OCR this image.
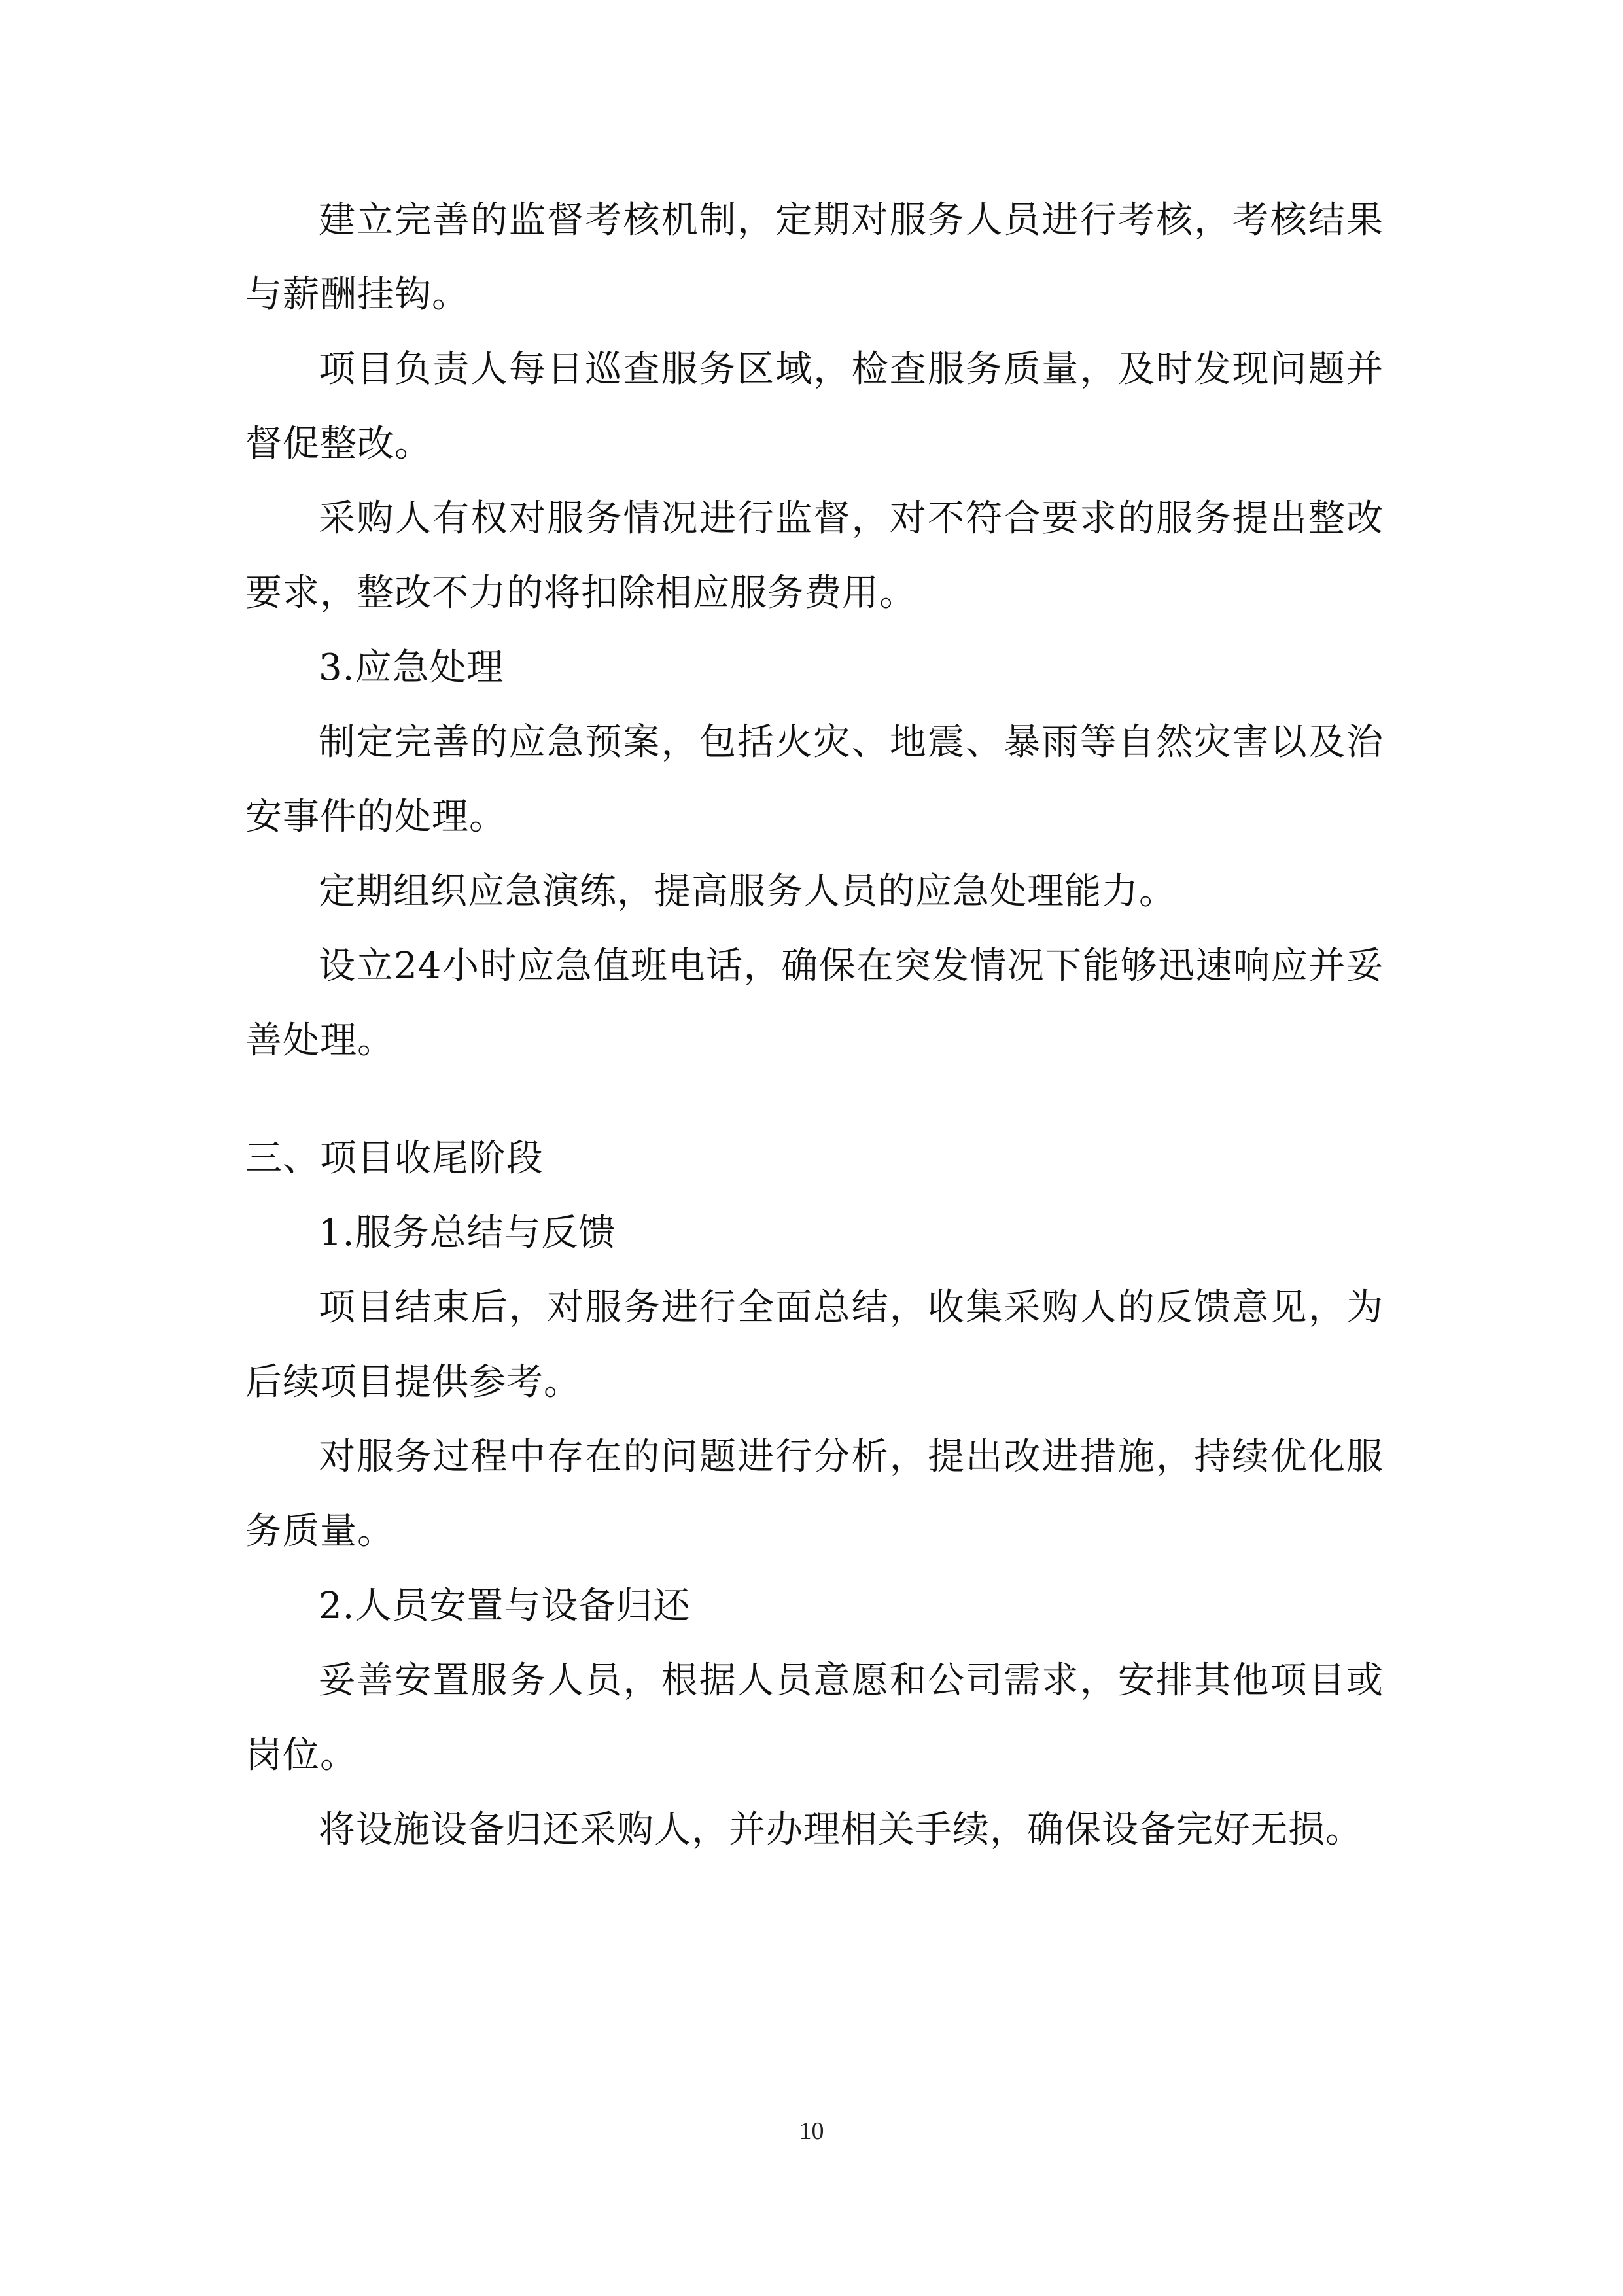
建立完善的监督考核机制，定期对服务人员进行考核，考核结果与薪酬挂钩。

项目负责人每日巡查服务区域，检查服务质量，及时发现问题并督促整改。

采购人有权对服务情况进行监督，对不符合要求的服务提出整改要求，整改不力的将扣除相应服务费用。

3.应急处理

制定完善的应急预案，包括火灾、地震、暴雨等自然灾害以及治安事件的处理。

定期组织应急演练，提高服务人员的应急处理能力。

设立24小时应急值班电话，确保在突发情况下能够迅速响应并妥善处理。

三、项目收尾阶段

1.服务总结与反馈

项目结束后，对服务进行全面总结，收集采购人的反馈意见，为后续项目提供参考。

对服务过程中存在的问题进行分析，提出改进措施，持续优化服务质量。

2.人员安置与设备归还

妥善安置服务人员，根据人员意愿和公司需求，安排其他项目或岗位。

将设施设备归还采购人，并办理相关手续，确保设备完好无损。

10
